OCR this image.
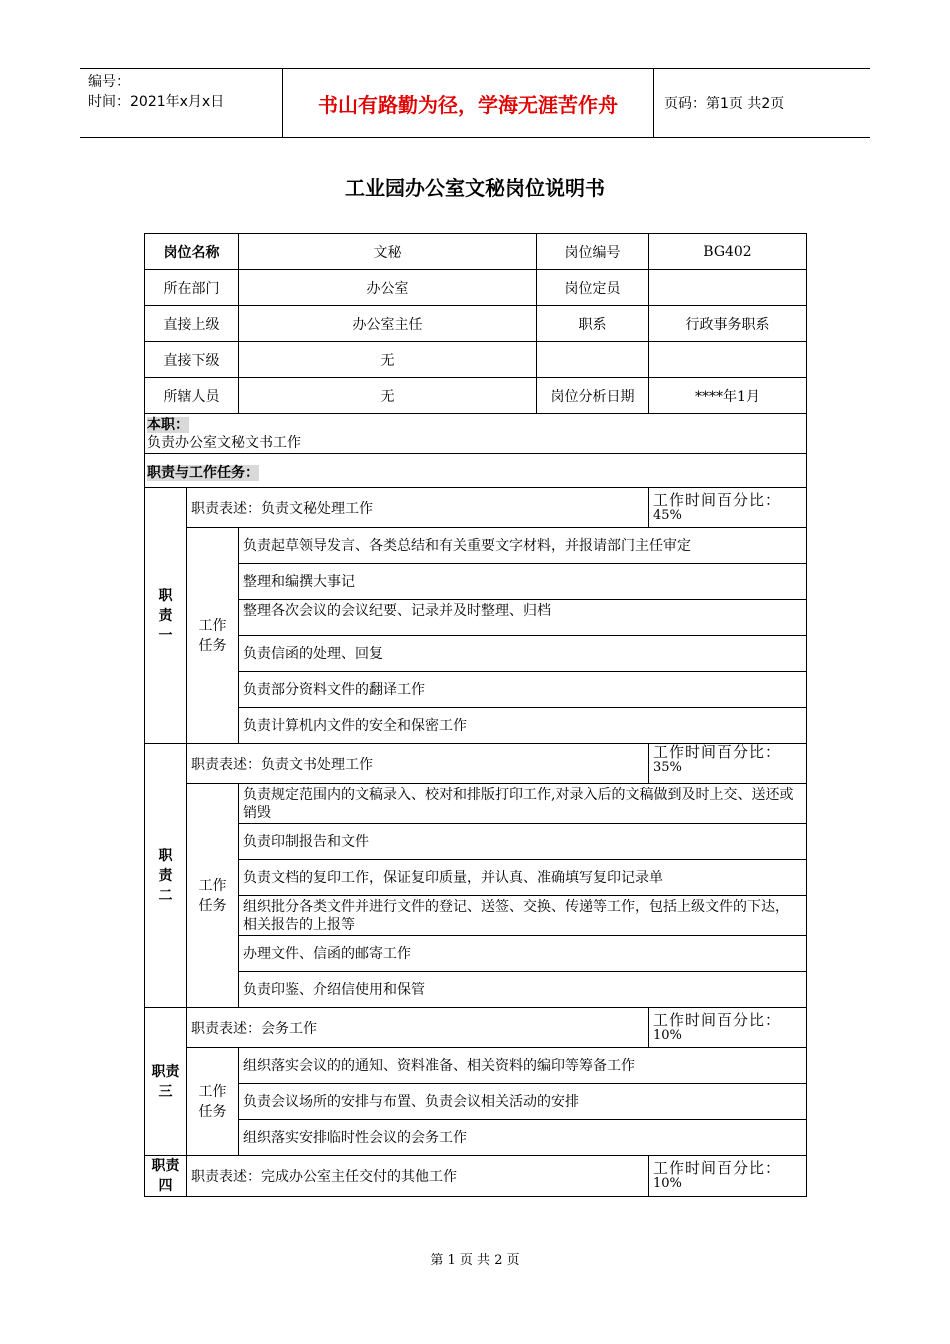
编号：
时间：2021年x月x日	书山有路勤为径，学海无涯苦作舟	页码：第1页 共2页
工业园办公室文秘岗位说明书
岗位名称		文秘	岗位编号	BG402
所在部门		办公室	岗位定员	
直接上级		办公室主任	职系	行政事务职系
直接下级		无		
所辖人员		无	岗位分析日期	****年1月

本职：
负责办公室文秘文书工作				

职责与工作任务：				
职责一	职责表述：负责文秘处理工作			工作时间百分比：
45%

	工作任务	负责起草领导发言、各类总结和有关重要文字材料，并报请部门主任审定		
		整理和编撰大事记		
		整理各次会议的会议纪要、记录并及时整理、归档		
		负责信函的处理、回复		
		负责部分资料文件的翻译工作		
		负责计算机内文件的安全和保密工作		
职责二	职责表述：负责文书处理工作			工作时间百分比：
35%

	工作任务	负责规定范围内的文稿录入、校对和排版打印工作,对录入后的文稿做到及时上交、送还或销毁		
		负责印制报告和文件		
		负责文档的复印工作，保证复印质量，并认真、准确填写复印记录单		
		组织批分各类文件并进行文件的登记、送签、交换、传递等工作，包括上级文件的下达，相关报告的上报等		
		办理文件、信函的邮寄工作		
		负责印鉴、介绍信使用和保管		
职责三	职责表述：会务工作			工作时间百分比：
10%

	工作任务	组织落实会议的的通知、资料准备、相关资料的编印等筹备工作		
		负责会议场所的安排与布置、负责会议相关活动的安排		
		组织落实安排临时性会议的会务工作		
职责四	职责表述：完成办公室主任交付的其他工作			工作时间百分比：
10%
第 1 页 共 2 页
